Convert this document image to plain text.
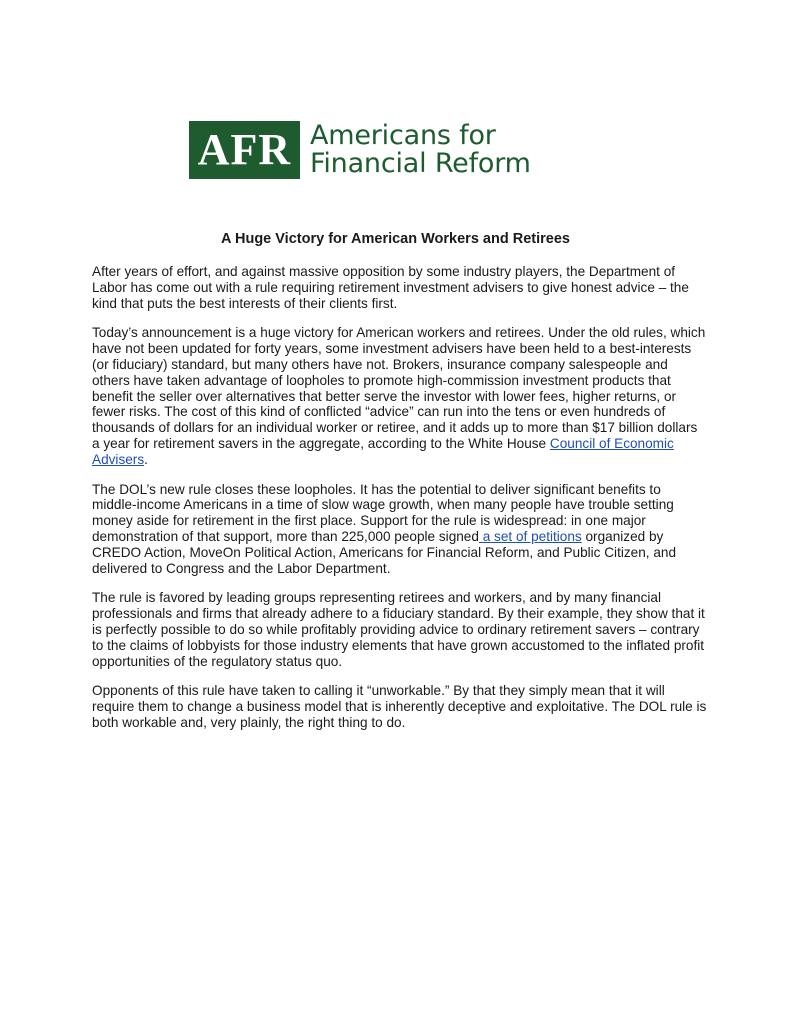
AFR Americans for
Financial Reform
A Huge Victory for American Workers and Retirees

After years of effort, and against massive opposition by some industry players, the Department of Labor has come out with a rule requiring retirement investment advisers to give honest advice – the kind that puts the best interests of their clients first.

Today’s announcement is a huge victory for American workers and retirees. Under the old rules, which have not been updated for forty years, some investment advisers have been held to a best-interests (or fiduciary) standard, but many others have not. Brokers, insurance company salespeople and others have taken advantage of loopholes to promote high-commission investment products that benefit the seller over alternatives that better serve the investor with lower fees, higher returns, or fewer risks. The cost of this kind of conflicted “advice” can run into the tens or even hundreds of thousands of dollars for an individual worker or retiree, and it adds up to more than $17 billion dollars a year for retirement savers in the aggregate, according to the White House Council of Economic Advisers.

The DOL’s new rule closes these loopholes. It has the potential to deliver significant benefits to middle-income Americans in a time of slow wage growth, when many people have trouble setting money aside for retirement in the first place. Support for the rule is widespread: in one major demonstration of that support, more than 225,000 people signed a set of petitions organized by CREDO Action, MoveOn Political Action, Americans for Financial Reform, and Public Citizen, and delivered to Congress and the Labor Department.

The rule is favored by leading groups representing retirees and workers, and by many financial professionals and firms that already adhere to a fiduciary standard. By their example, they show that it is perfectly possible to do so while profitably providing advice to ordinary retirement savers – contrary to the claims of lobbyists for those industry elements that have grown accustomed to the inflated profit opportunities of the regulatory status quo.

Opponents of this rule have taken to calling it “unworkable.” By that they simply mean that it will require them to change a business model that is inherently deceptive and exploitative. The DOL rule is both workable and, very plainly, the right thing to do.
